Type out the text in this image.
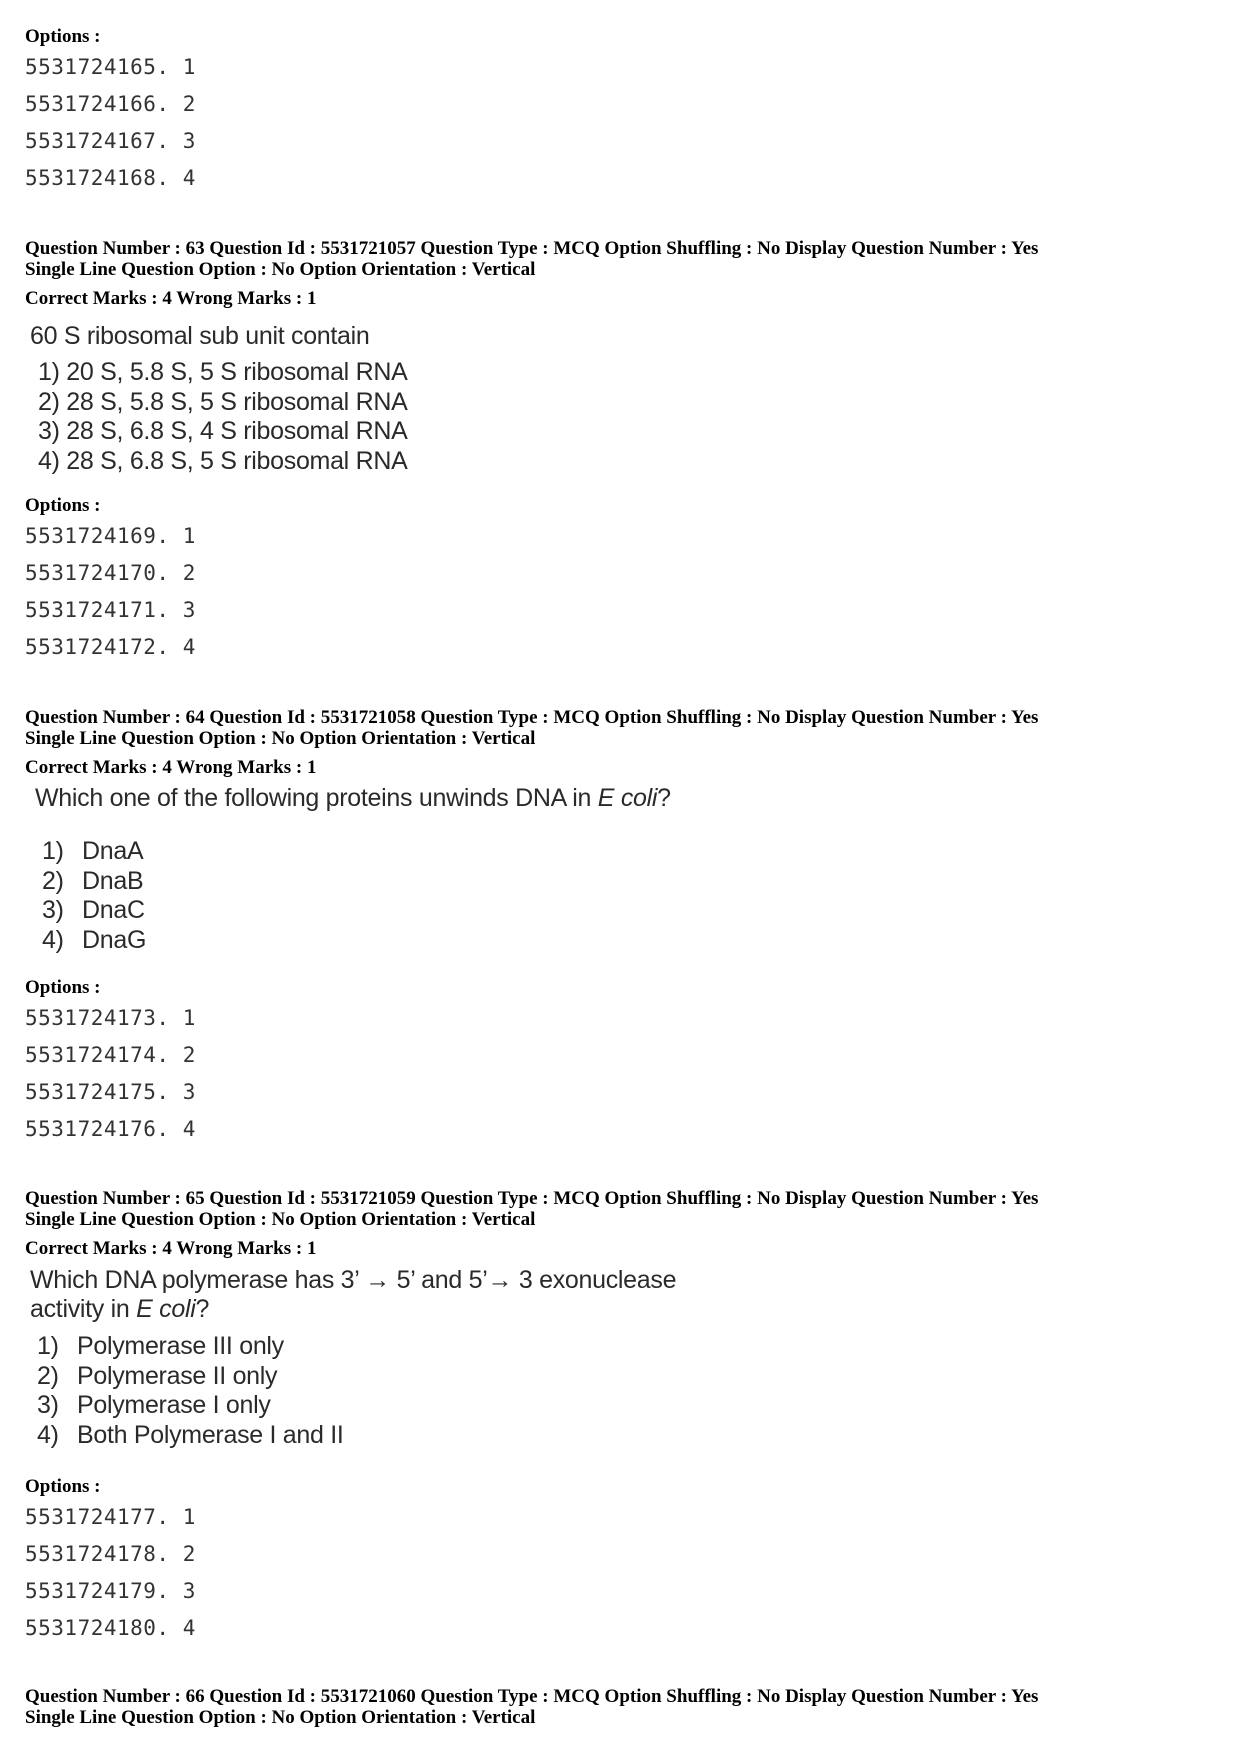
Options :
5531724165. 1
5531724166. 2
5531724167. 3
5531724168. 4
Question Number : 63 Question Id : 5531721057 Question Type : MCQ Option Shuffling : No Display Question Number : Yes
Single Line Question Option : No Option Orientation : Vertical
Correct Marks : 4 Wrong Marks : 1
60 S ribosomal sub unit contain
1) 20 S, 5.8 S, 5 S ribosomal RNA
2) 28 S, 5.8 S, 5 S ribosomal RNA
3) 28 S, 6.8 S, 4 S ribosomal RNA
4) 28 S, 6.8 S, 5 S ribosomal RNA
Options :
5531724169. 1
5531724170. 2
5531724171. 3
5531724172. 4
Question Number : 64 Question Id : 5531721058 Question Type : MCQ Option Shuffling : No Display Question Number : Yes
Single Line Question Option : No Option Orientation : Vertical
Correct Marks : 4 Wrong Marks : 1
Which one of the following proteins unwinds DNA in E coli?
1) DnaA
2) DnaB
3) DnaC
4) DnaG
Options :
5531724173. 1
5531724174. 2
5531724175. 3
5531724176. 4
Question Number : 65 Question Id : 5531721059 Question Type : MCQ Option Shuffling : No Display Question Number : Yes
Single Line Question Option : No Option Orientation : Vertical
Correct Marks : 4 Wrong Marks : 1
Which DNA polymerase has 3’ → 5’ and 5’→ 3 exonuclease
activity in E coli?
1) Polymerase III only
2) Polymerase II only
3) Polymerase I only
4) Both Polymerase I and II
Options :
5531724177. 1
5531724178. 2
5531724179. 3
5531724180. 4
Question Number : 66 Question Id : 5531721060 Question Type : MCQ Option Shuffling : No Display Question Number : Yes
Single Line Question Option : No Option Orientation : Vertical
